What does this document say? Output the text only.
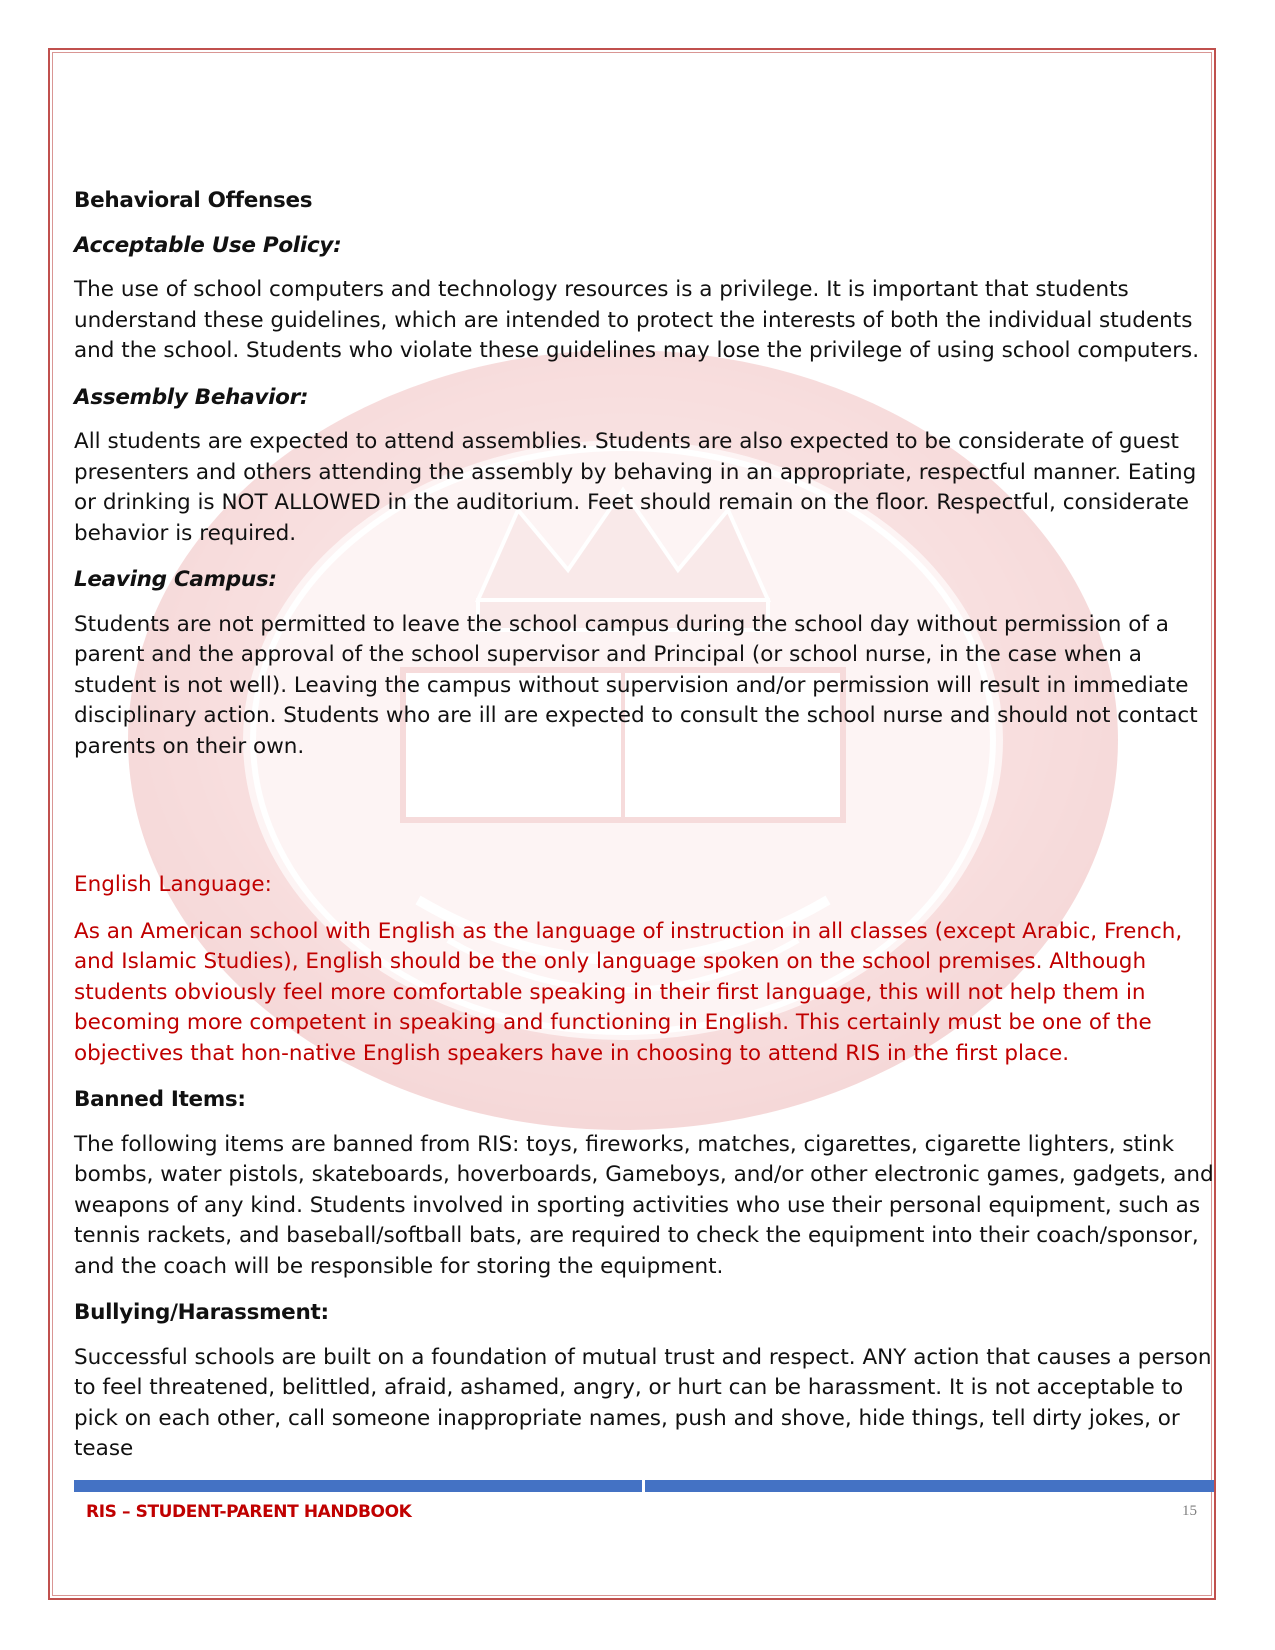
Behavioral Offenses

Acceptable Use Policy:

The use of school computers and technology resources is a privilege. It is important that students understand these guidelines, which are intended to protect the interests of both the individual students and the school. Students who violate these guidelines may lose the privilege of using school computers.

Assembly Behavior:

All students are expected to attend assemblies. Students are also expected to be considerate of guest presenters and others attending the assembly by behaving in an appropriate, respectful manner. Eating or drinking is NOT ALLOWED in the auditorium. Feet should remain on the floor. Respectful, considerate behavior is required.

Leaving Campus:

Students are not permitted to leave the school campus during the school day without permission of a parent and the approval of the school supervisor and Principal (or school nurse, in the case when a student is not well). Leaving the campus without supervision and/or permission will result in immediate disciplinary action. Students who are ill are expected to consult the school nurse and should not contact parents on their own.

English Language:

As an American school with English as the language of instruction in all classes (except Arabic, French, and Islamic Studies), English should be the only language spoken on the school premises. Although students obviously feel more comfortable speaking in their first language, this will not help them in becoming more competent in speaking and functioning in English. This certainly must be one of the objectives that hon-native English speakers have in choosing to attend RIS in the first place.

Banned Items:

The following items are banned from RIS: toys, fireworks, matches, cigarettes, cigarette lighters, stink bombs, water pistols, skateboards, hoverboards, Gameboys, and/or other electronic games, gadgets, and weapons of any kind. Students involved in sporting activities who use their personal equipment, such as tennis rackets, and baseball/softball bats, are required to check the equipment into their coach/sponsor, and the coach will be responsible for storing the equipment.

Bullying/Harassment:

Successful schools are built on a foundation of mutual trust and respect. ANY action that causes a person to feel threatened, belittled, afraid, ashamed, angry, or hurt can be harassment. It is not acceptable to pick on each other, call someone inappropriate names, push and shove, hide things, tell dirty jokes, or tease

RIS – STUDENT-PARENT HANDBOOK	15
